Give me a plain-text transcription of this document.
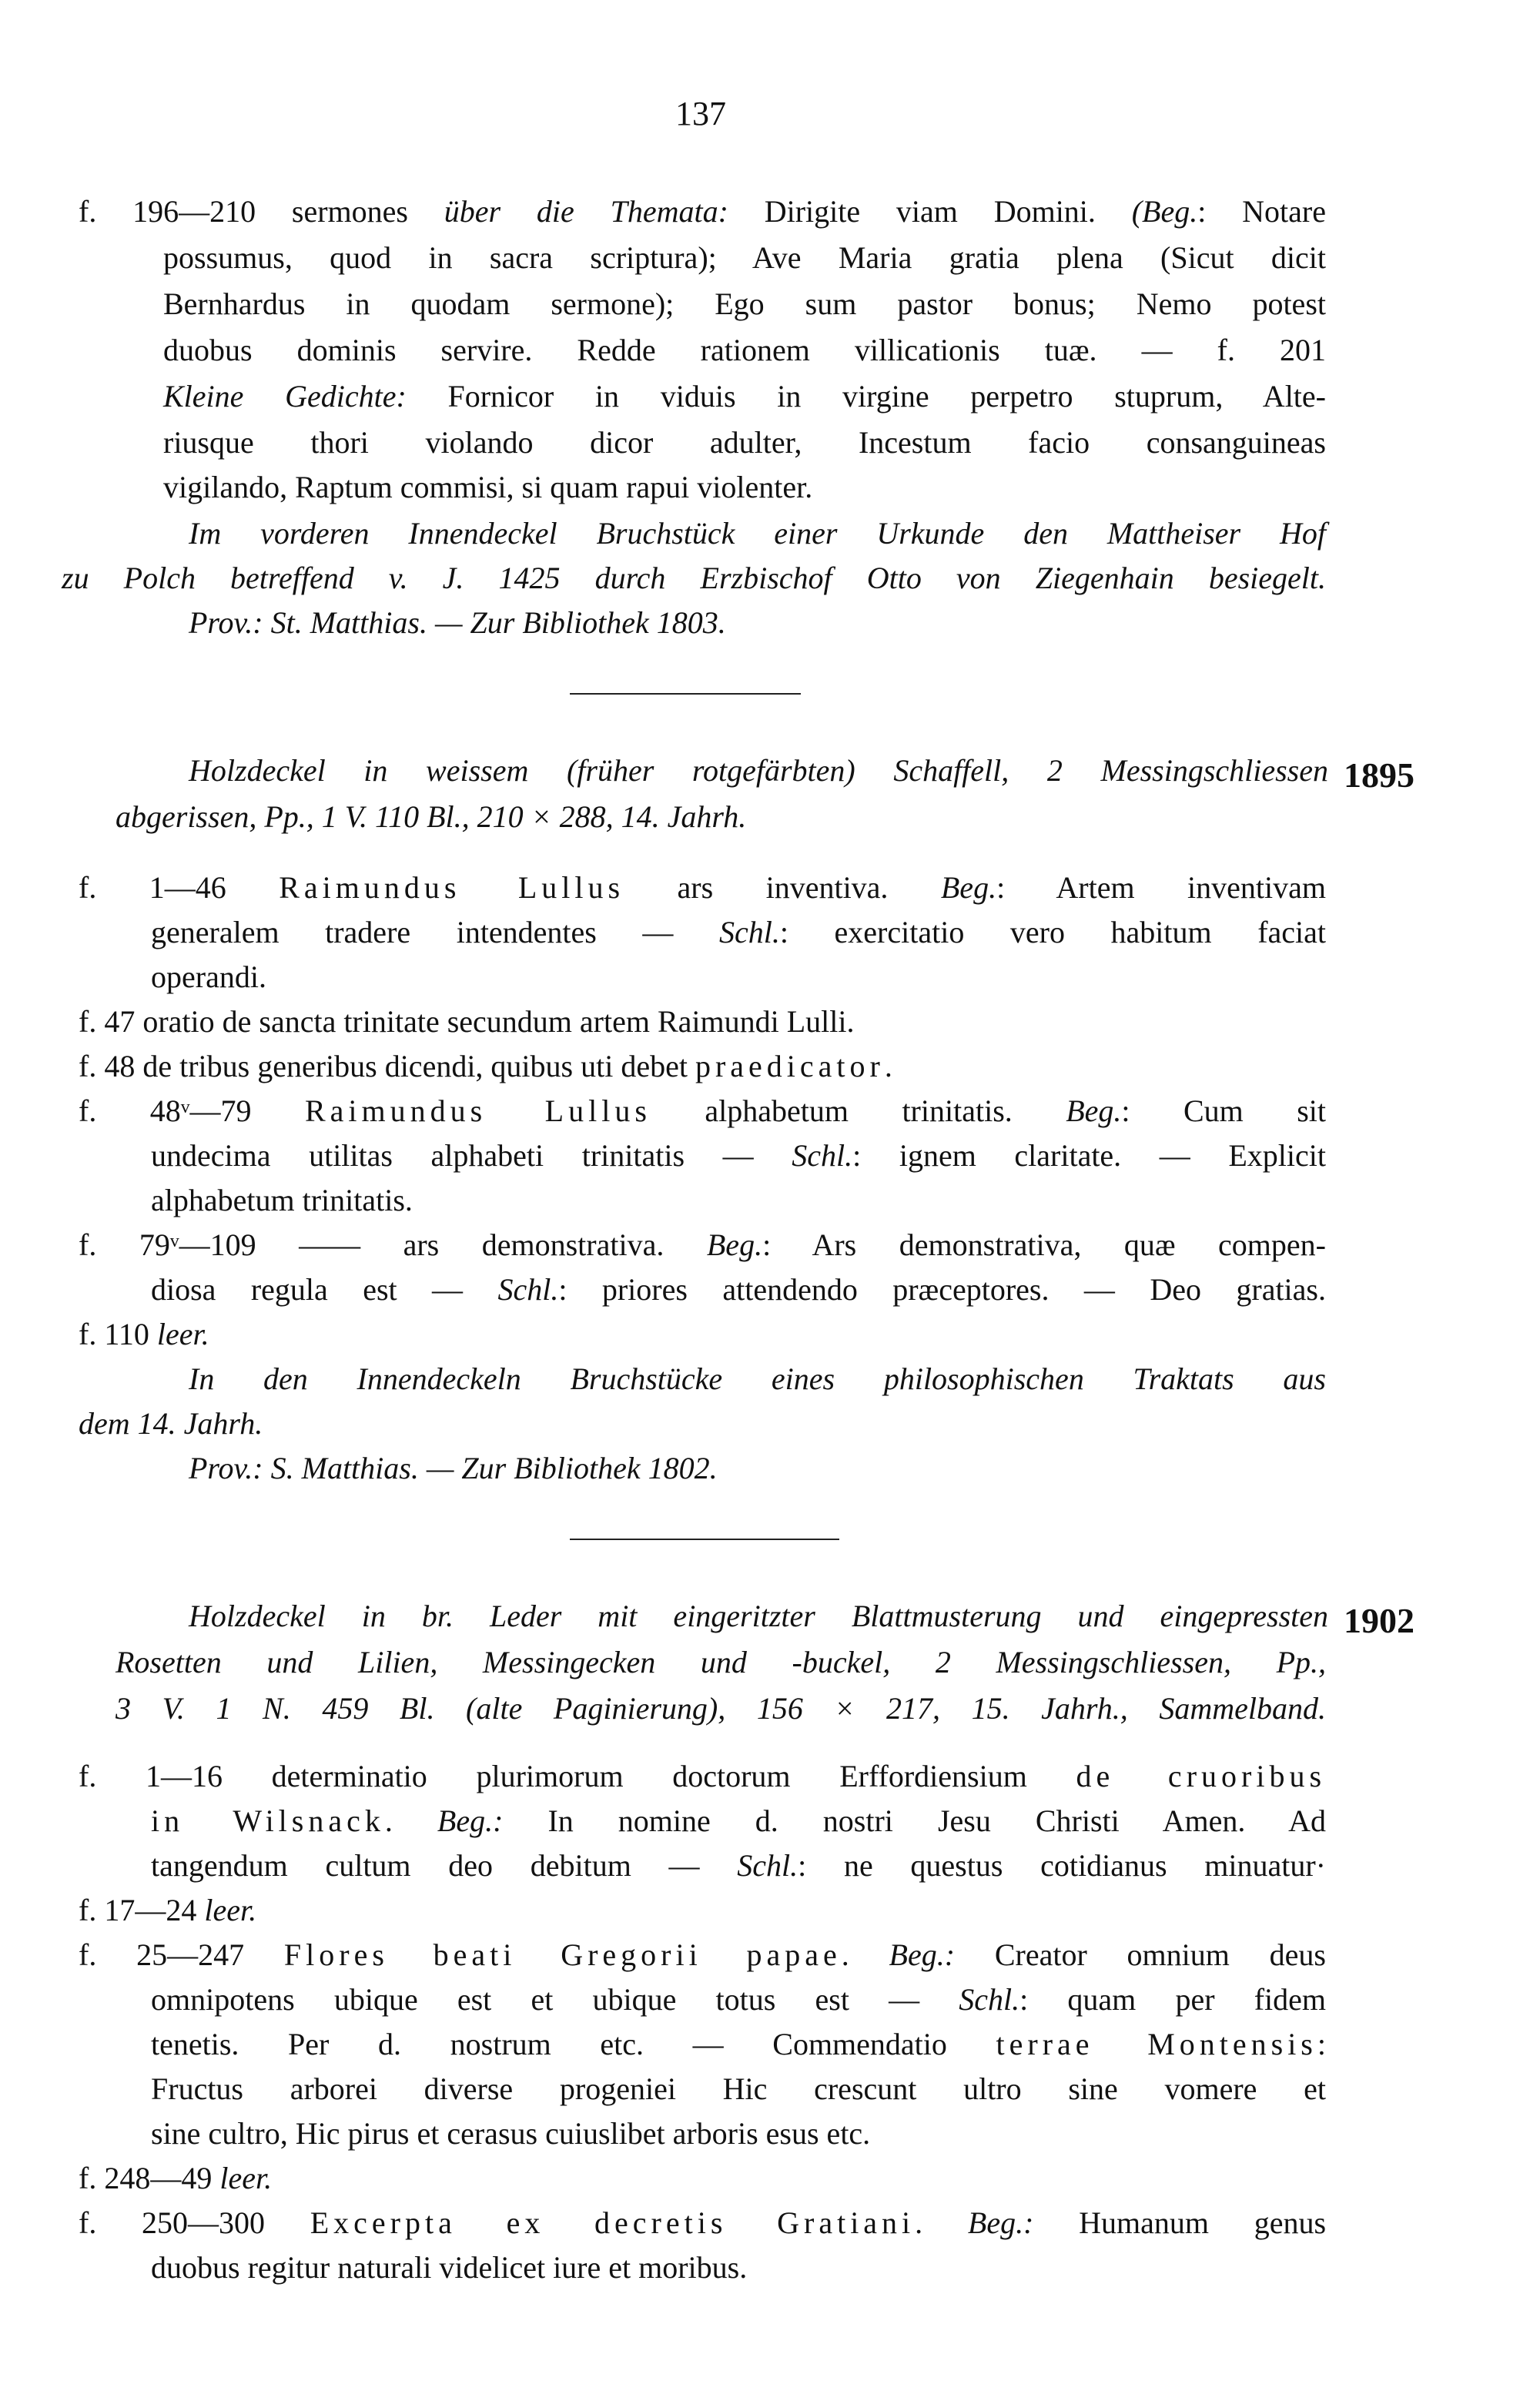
137
f. 196—210 sermones über die Themata: Dirigite viam Domini. (Beg.: Notare
possumus, quod in sacra scriptura); Ave Maria gratia plena (Sicut dicit
Bernhardus in quodam sermone); Ego sum pastor bonus; Nemo potest
duobus dominis servire. Redde rationem villicationis tuæ. — f. 201
Kleine Gedichte: Fornicor in viduis in virgine perpetro stuprum, Alte-
riusque thori violando dicor adulter, Incestum facio consanguineas
vigilando, Raptum commisi, si quam rapui violenter.
Im vorderen Innendeckel Bruchstück einer Urkunde den Mattheiser Hof
zu Polch betreffend v. J. 1425 durch Erzbischof Otto von Ziegenhain besiegelt.
Prov.: St. Matthias. — Zur Bibliothek 1803.
Holzdeckel in weissem (früher rotgefärbten) Schaffell, 2 Messingschliessen 1895
abgerissen, Pp., 1 V. 110 Bl., 210 × 288, 14. Jahrh.
f. 1—46 Raimundus Lullus ars inventiva. Beg.: Artem inventivam
generalem tradere intendentes — Schl.: exercitatio vero habitum faciat
operandi.
f. 47 oratio de sancta trinitate secundum artem Raimundi Lulli.
f. 48 de tribus generibus dicendi, quibus uti debet praedicator.
f. 48ᵛ—79 Raimundus Lullus alphabetum trinitatis. Beg.: Cum sit
undecima utilitas alphabeti trinitatis — Schl.: ignem claritate. — Explicit
alphabetum trinitatis.
f. 79ᵛ—109 —— ars demonstrativa. Beg.: Ars demonstrativa, quæ compen-
diosa regula est — Schl.: priores attendendo præceptores. — Deo gratias.
f. 110 leer.
In den Innendeckeln Bruchstücke eines philosophischen Traktats aus
dem 14. Jahrh.
Prov.: S. Matthias. — Zur Bibliothek 1802.
Holzdeckel in br. Leder mit eingeritzter Blattmusterung und eingepressten 1902
Rosetten und Lilien, Messingecken und -buckel, 2 Messingschliessen, Pp.,
3 V. 1 N. 459 Bl. (alte Paginierung), 156 × 217, 15. Jahrh., Sammelband.
f. 1—16 determinatio plurimorum doctorum Erffordiensium de cruoribus
in Wilsnack. Beg.: In nomine d. nostri Jesu Christi Amen. Ad
tangendum cultum deo debitum — Schl.: ne questus cotidianus minuatur·
f. 17—24 leer.
f. 25—247 Flores beati Gregorii papae. Beg.: Creator omnium deus
omnipotens ubique est et ubique totus est — Schl.: quam per fidem
tenetis. Per d. nostrum etc. — Commendatio terrae Montensis:
Fructus arborei diverse progeniei Hic crescunt ultro sine vomere et
sine cultro, Hic pirus et cerasus cuiuslibet arboris esus etc.
f. 248—49 leer.
f. 250—300 Excerpta ex decretis Gratiani. Beg.: Humanum genus
duobus regitur naturali videlicet iure et moribus.
